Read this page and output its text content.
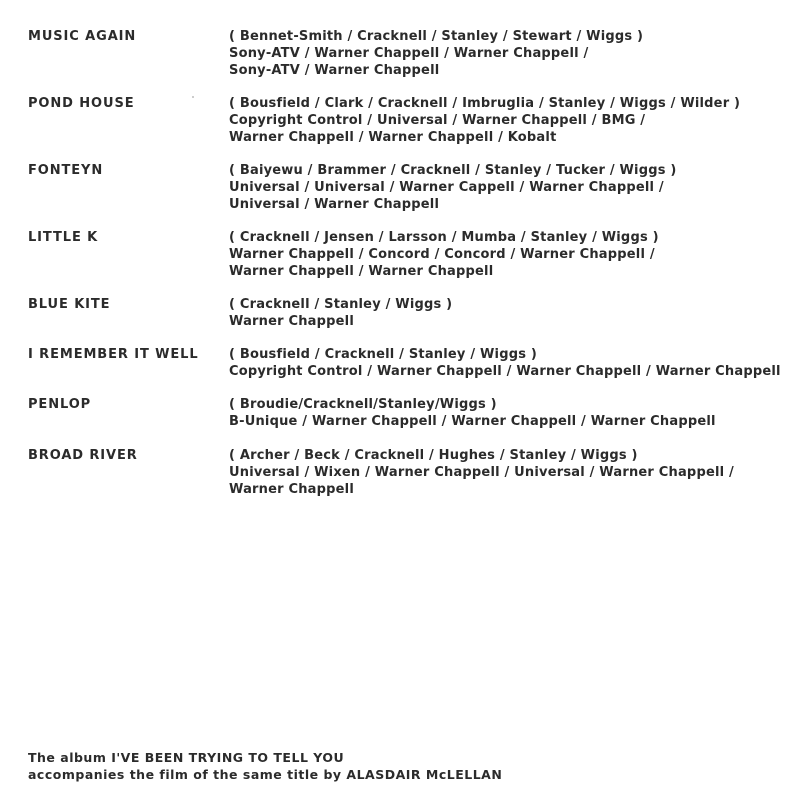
MUSIC AGAIN	( Bennet-Smith / Cracknell / Stanley / Stewart / Wiggs )
Sony-ATV / Warner Chappell / Warner Chappell /
Sony-ATV / Warner Chappell
POND HOUSE	( Bousfield / Clark / Cracknell / Imbruglia / Stanley / Wiggs / Wilder )
Copyright Control / Universal / Warner Chappell / BMG /
Warner Chappell / Warner Chappell / Kobalt
FONTEYN	( Baiyewu / Brammer / Cracknell / Stanley / Tucker / Wiggs )
Universal / Universal / Warner Cappell / Warner Chappell /
Universal / Warner Chappell
LITTLE K	( Cracknell / Jensen / Larsson / Mumba / Stanley / Wiggs )
Warner Chappell / Concord / Concord / Warner Chappell /
Warner Chappell / Warner Chappell
BLUE KITE	( Cracknell / Stanley / Wiggs )
Warner Chappell
I REMEMBER IT WELL ( Bousfield / Cracknell / Stanley / Wiggs )
Copyright Control / Warner Chappell / Warner Chappell / Warner Chappell
PENLOP	( Broudie/Cracknell/Stanley/Wiggs )
B-Unique / Warner Chappell / Warner Chappell / Warner Chappell
BROAD RIVER	( Archer / Beck / Cracknell / Hughes / Stanley / Wiggs )
Universal / Wixen / Warner Chappell / Universal / Warner Chappell /
Warner Chappell
The album I'VE BEEN TRYING TO TELL YOU
accompanies the film of the same title by ALASDAIR McLELLAN
